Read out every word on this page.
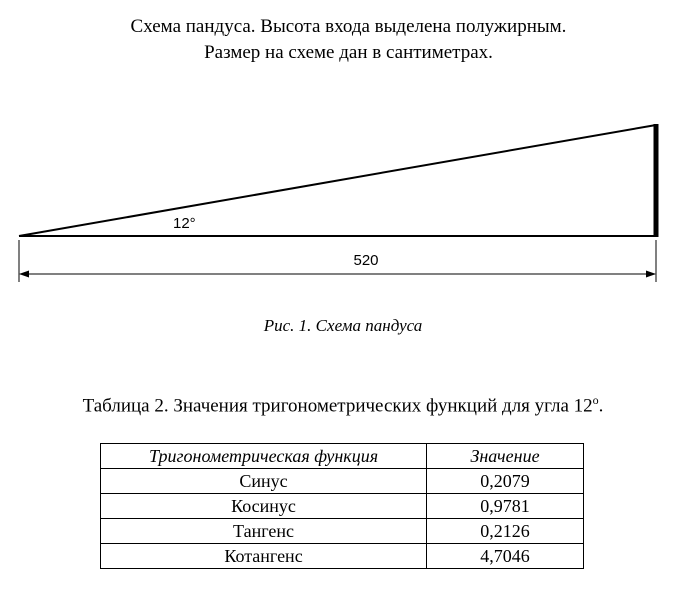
Схема пандуса. Высота входа выделена полужирным.
Размер на схеме дан в сантиметрах.
12°
520
Рис. 1. Схема пандуса
Таблица 2. Значения тригонометрических функций для угла $12^о$.
Тригонометрическая функция	Значение
Синус	0,2079
Косинус	0,9781
Тангенс	0,2126
Котангенс	4,7046
